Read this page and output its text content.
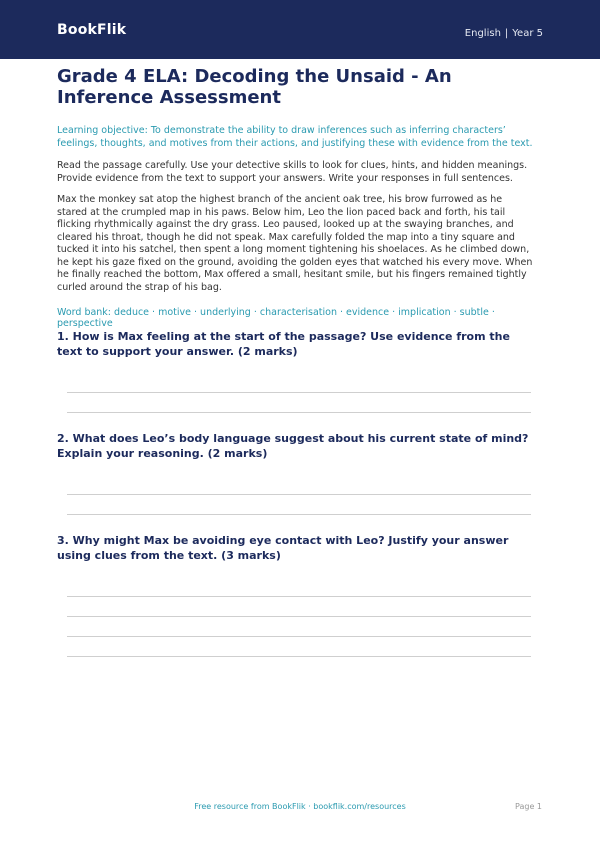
BookFlik	English | Year 5
Grade 4 ELA: Decoding the Unsaid - An Inference Assessment
Learning objective: To demonstrate the ability to draw inferences such as inferring characters’ feelings, thoughts, and motives from their actions, and justifying these with evidence from the text.
Read the passage carefully. Use your detective skills to look for clues, hints, and hidden meanings. Provide evidence from the text to support your answers. Write your responses in full sentences.
Max the monkey sat atop the highest branch of the ancient oak tree, his brow furrowed as he stared at the crumpled map in his paws. Below him, Leo the lion paced back and forth, his tail flicking rhythmically against the dry grass. Leo paused, looked up at the swaying branches, and cleared his throat, though he did not speak. Max carefully folded the map into a tiny square and tucked it into his satchel, then spent a long moment tightening his shoelaces. As he climbed down, he kept his gaze fixed on the ground, avoiding the golden eyes that watched his every move. When he finally reached the bottom, Max offered a small, hesitant smile, but his fingers remained tightly curled around the strap of his bag.
Word bank: deduce · motive · underlying · characterisation · evidence · implication · subtle · perspective
1. How is Max feeling at the start of the passage? Use evidence from the text to support your answer. (2 marks)
2. What does Leo’s body language suggest about his current state of mind? Explain your reasoning. (2 marks)
3. Why might Max be avoiding eye contact with Leo? Justify your answer using clues from the text. (3 marks)
Free resource from BookFlik · bookflik.com/resources	Page 1
